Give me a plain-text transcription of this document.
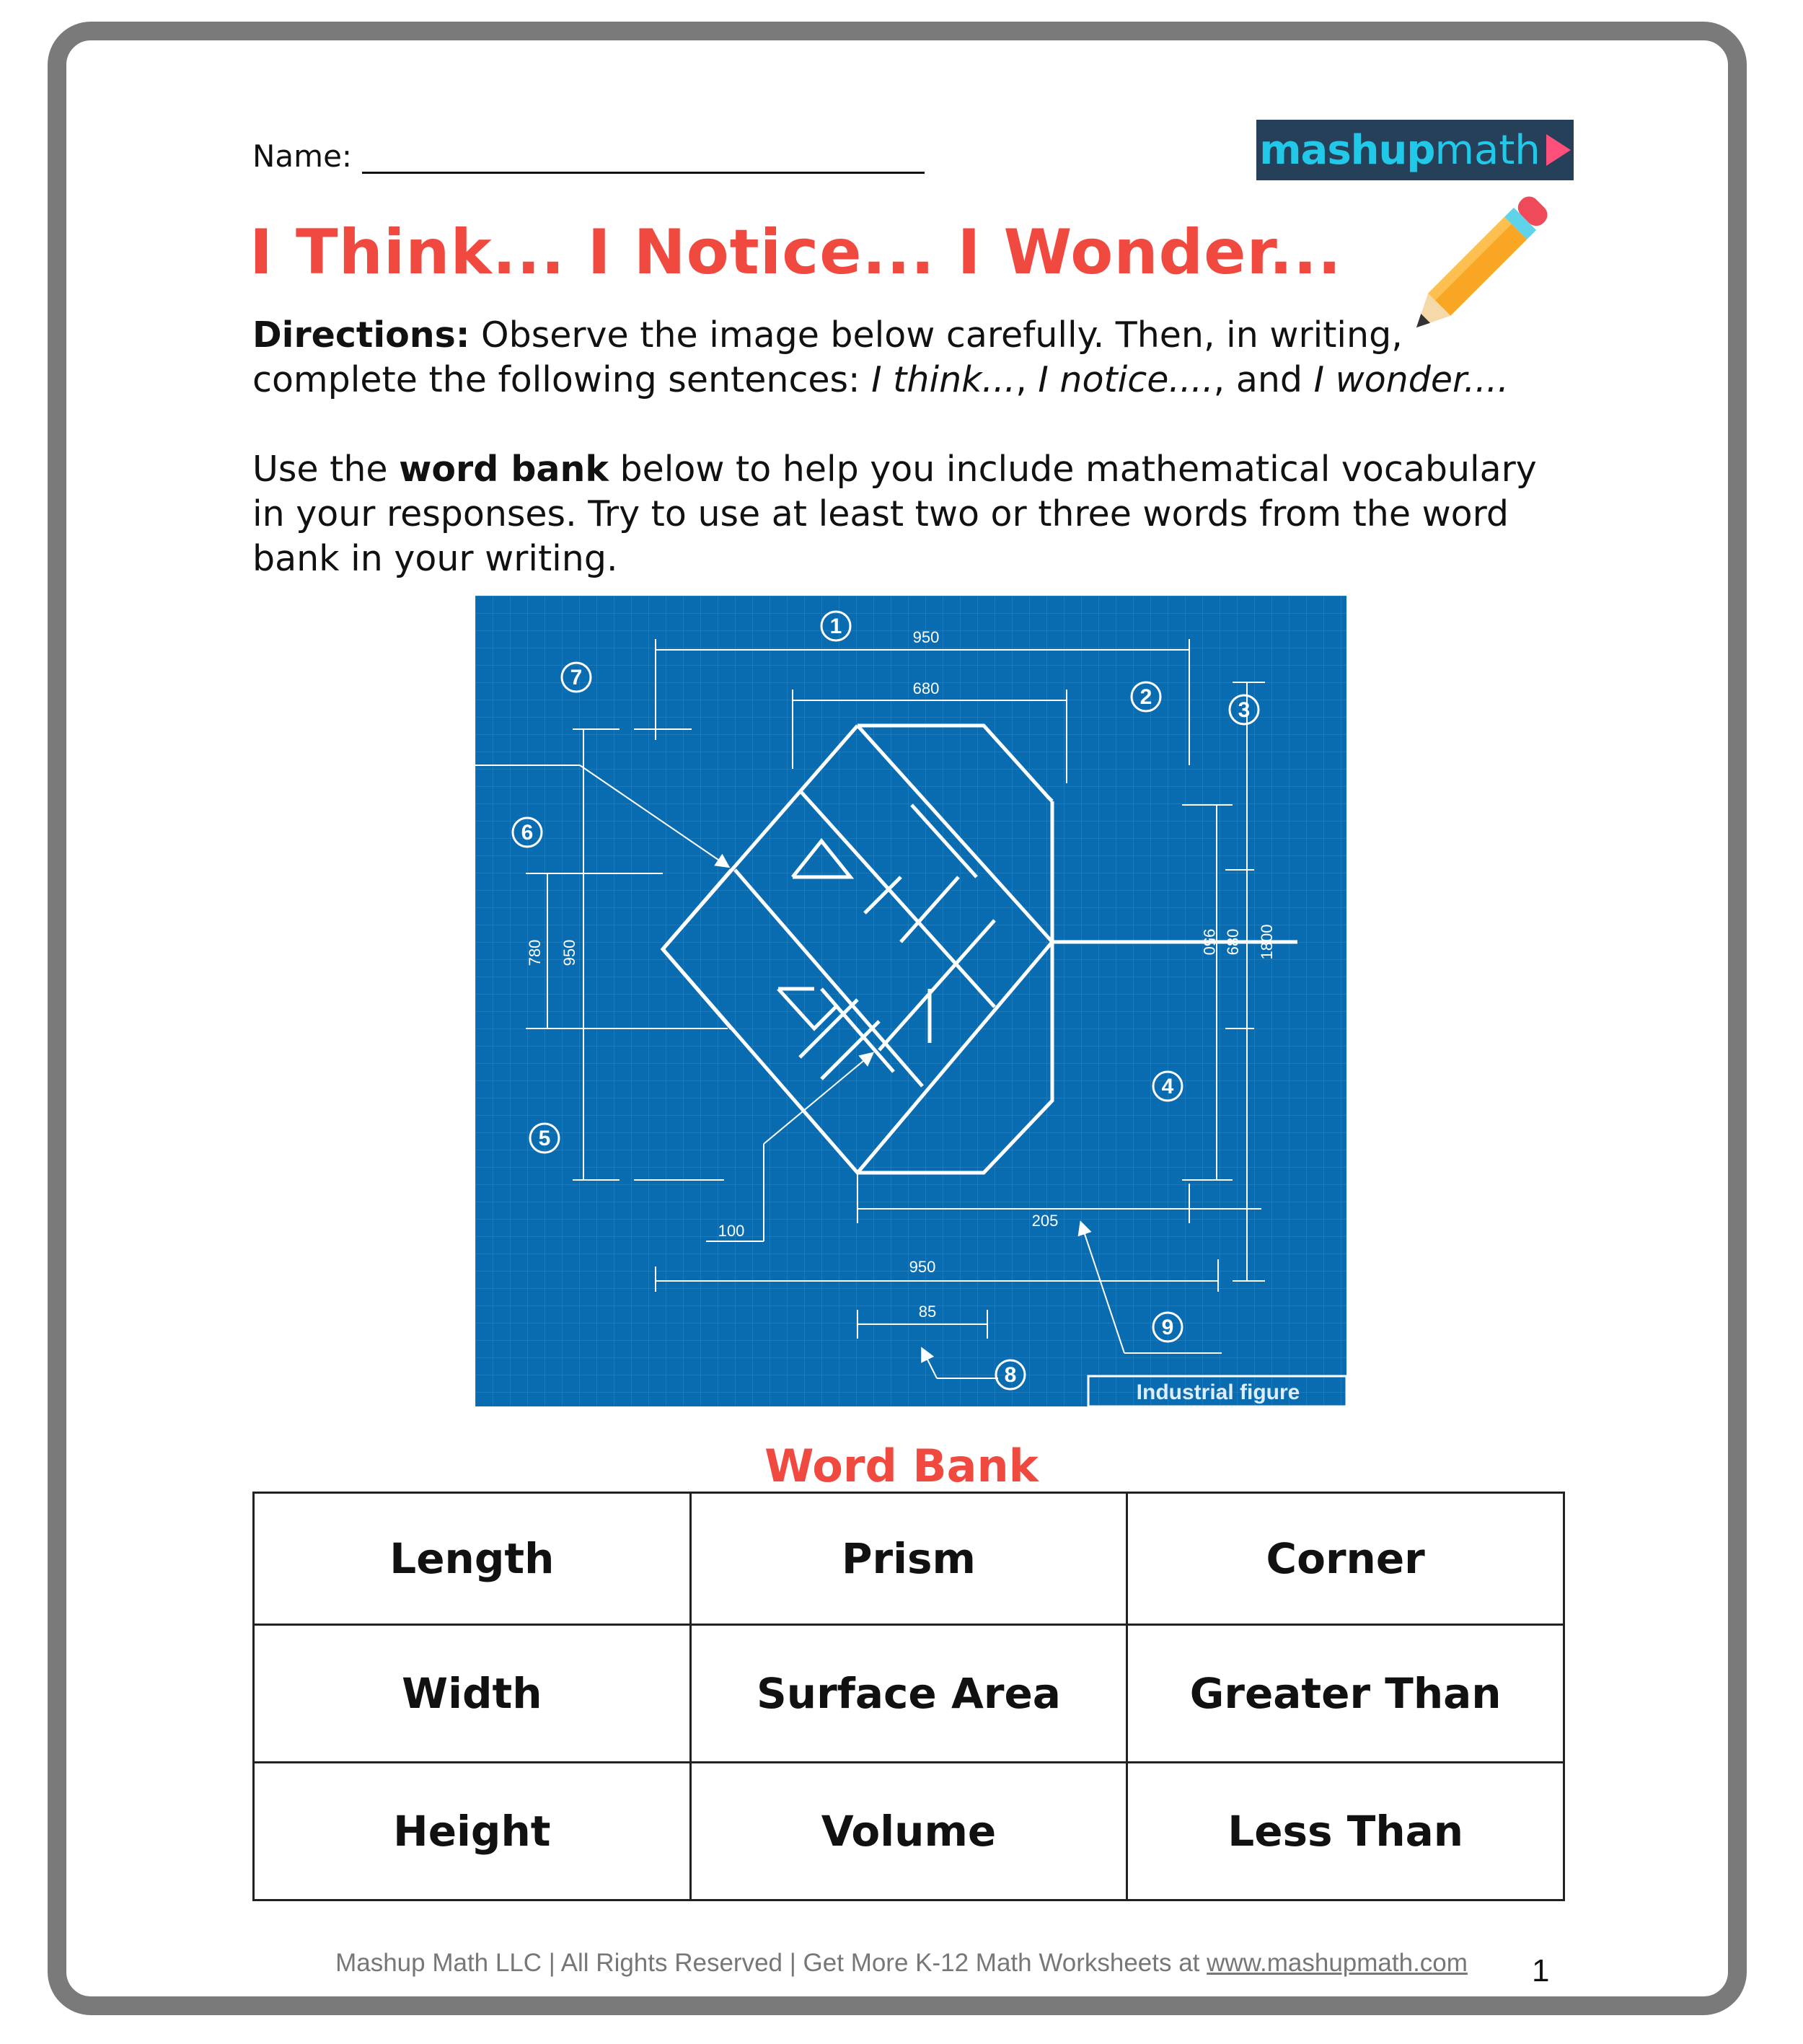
Name:	mashup math
I Think... I Notice... I Wonder...
Directions: Observe the image below carefully. Then, in writing, complete the following sentences: I think..., I notice...., and I wonder....
Use the word bank below to help you include mathematical vocabulary in your responses. Try to use at least two or three words from the word bank in your writing.
950
680
780 950	950 680 1800
205
950
85
100
1
2
3
4
5
6
7
8
9
Industrial figure
Word Bank
Length	Prism	Corner
Width	Surface Area	Greater Than
Height	Volume	Less Than
Mashup Math LLC | All Rights Reserved | Get More K-12 Math Worksheets at www.mashupmath.com	1
